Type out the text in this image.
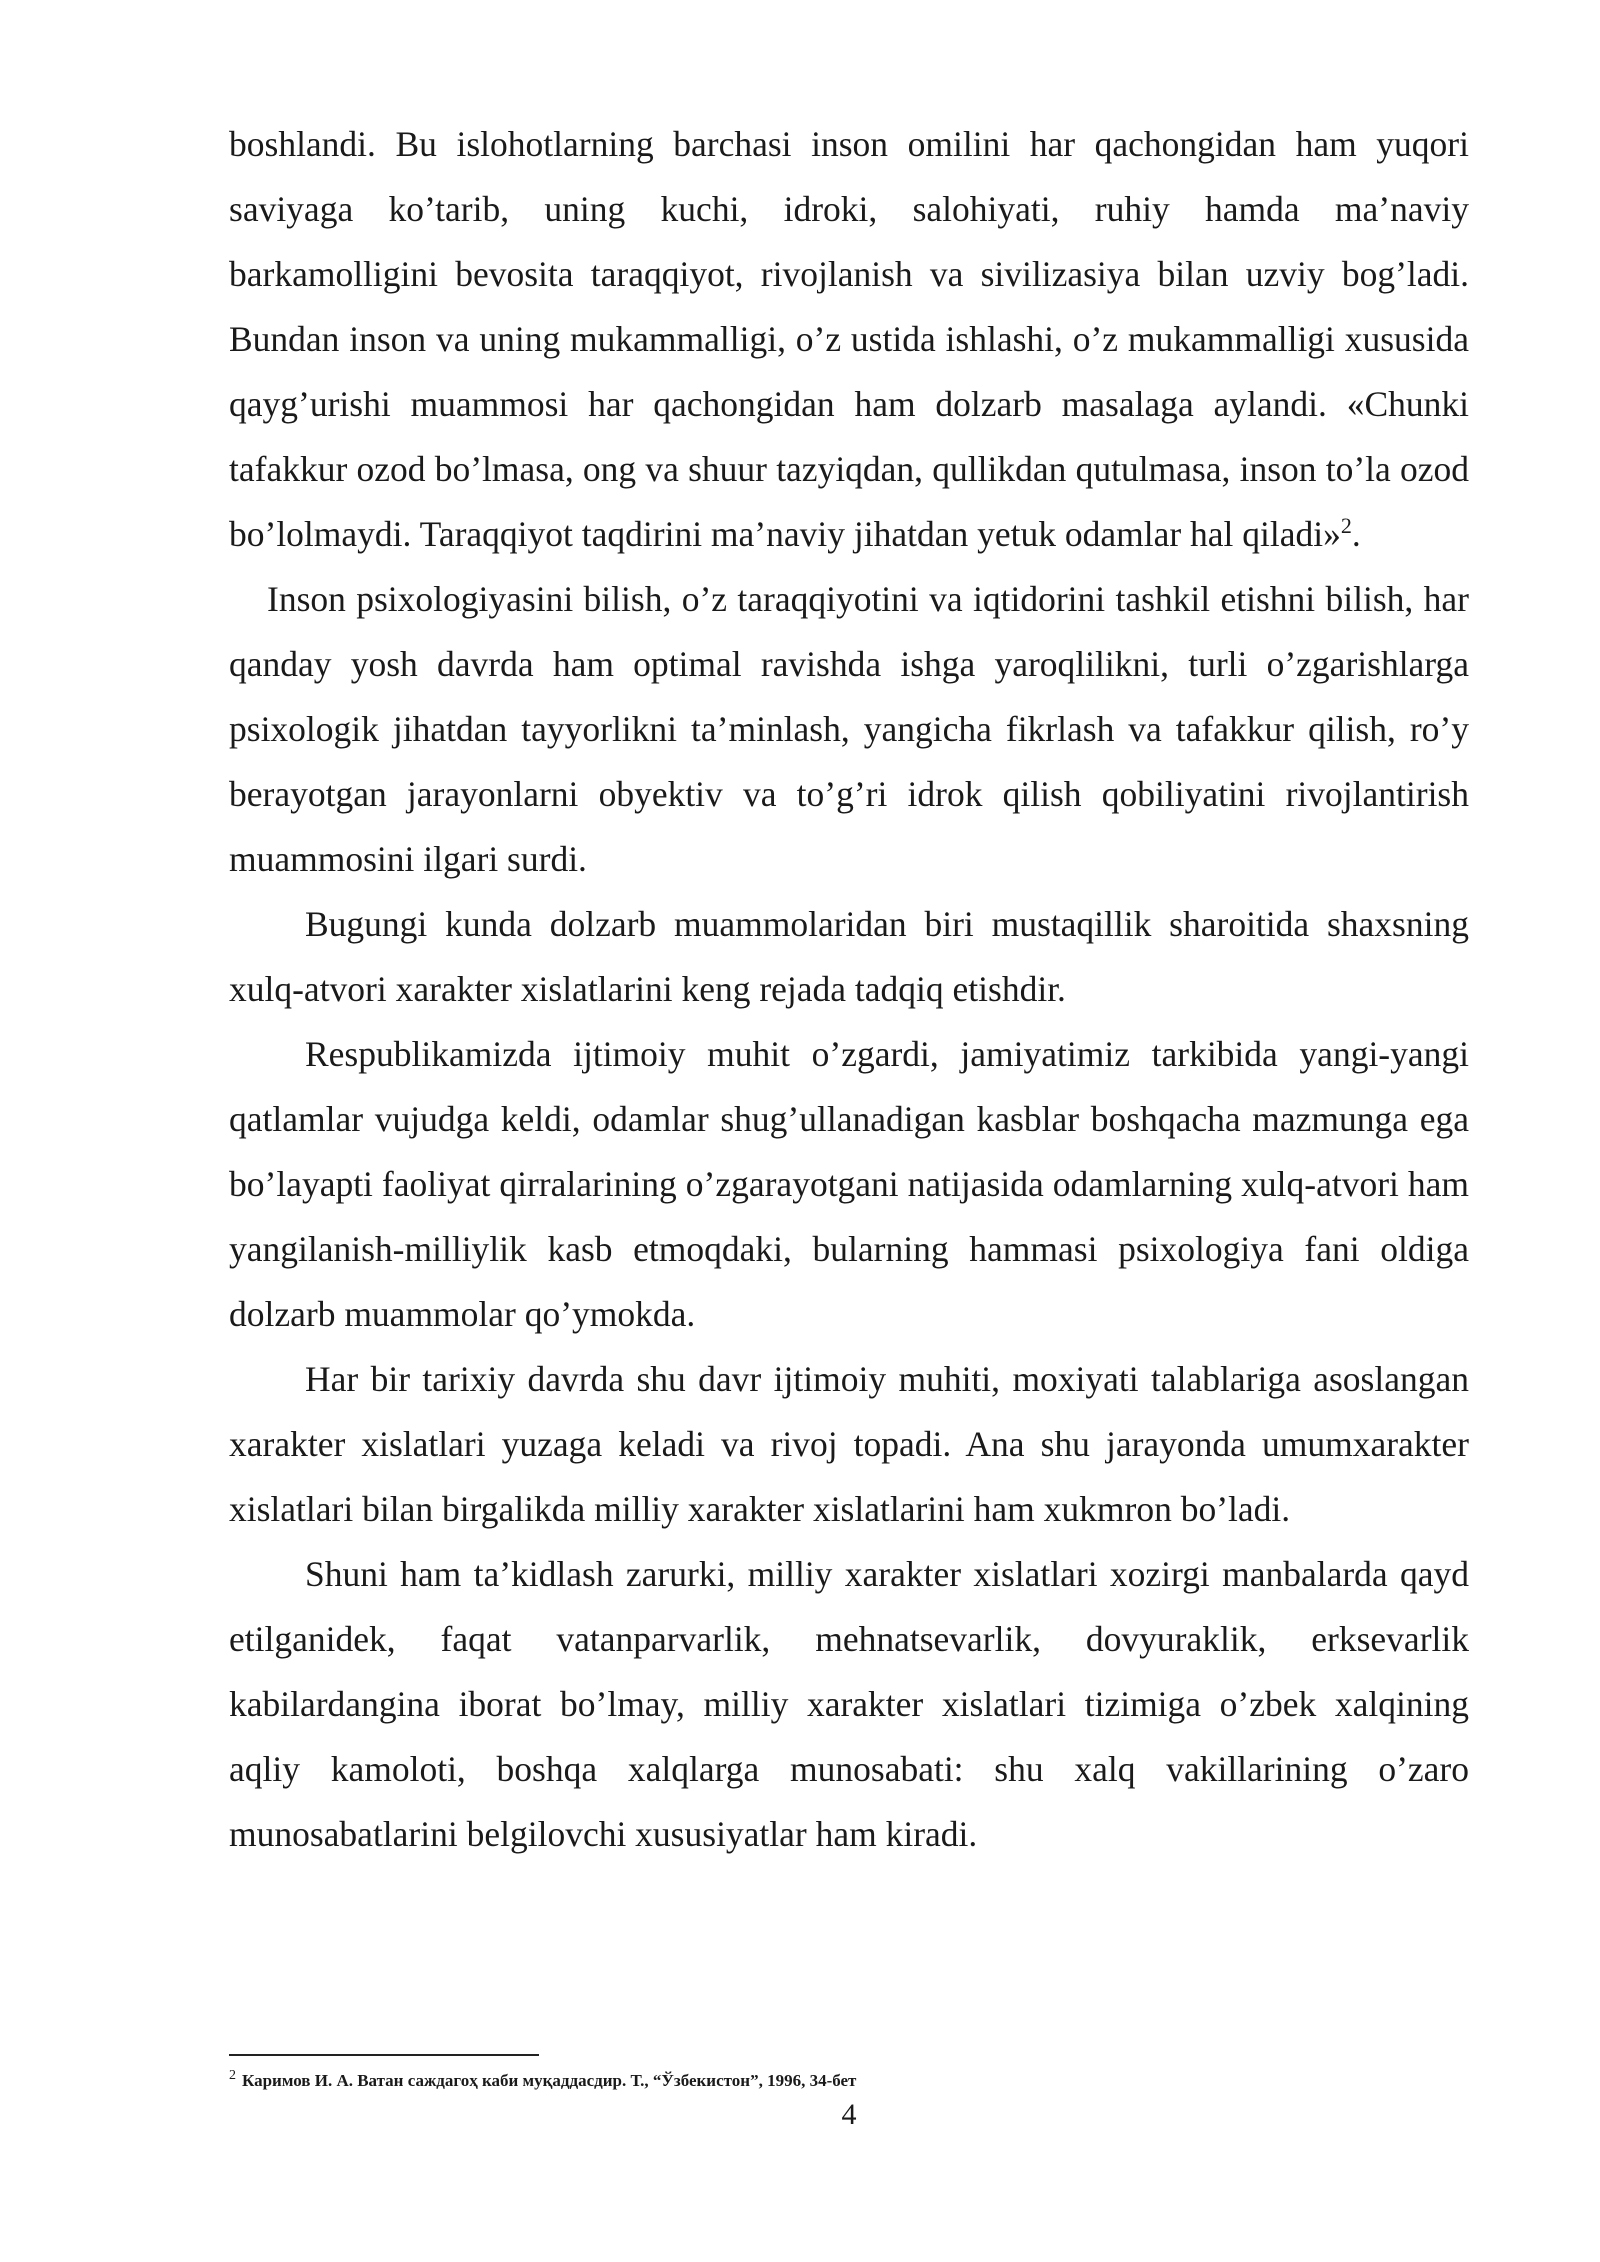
boshlandi. Bu islohotlarning barchasi inson omilini har qachongidan ham yuqori saviyaga ko’tarib, uning kuchi, idroki, salohiyati, ruhiy hamda ma’naviy barkamolligini bevosita taraqqiyot, rivojlanish va sivilizasiya bilan uzviy bog’ladi. Bundan inson va uning mukammalligi, o’z ustida ishlashi, o’z mukammalligi xususida qayg’urishi muammosi har qachongidan ham dolzarb masalaga aylandi. «Chunki tafakkur ozod bo’lmasa, ong va shuur tazyiqdan, qullikdan qutulmasa, inson to’la ozod bo’lolmaydi. Taraqqiyot taqdirini ma’naviy jihatdan yetuk odamlar hal qiladi»$^2$.

Inson psixologiyasini bilish, o’z taraqqiyotini va iqtidorini tashkil etishni bilish, har qanday yosh davrda ham optimal ravishda ishga yaroqlilikni, turli o’zgarishlarga psixologik jihatdan tayyorlikni ta’minlash, yangicha fikrlash va tafakkur qilish, ro’y berayotgan jarayonlarni obyektiv va to’g’ri idrok qilish qobiliyatini rivojlantirish muammosini ilgari surdi.

Bugungi kunda dolzarb muammolaridan biri mustaqillik sharoitida shaxsning xulq-atvori xarakter xislatlarini keng rejada tadqiq etishdir.

Respublikamizda ijtimoiy muhit o’zgardi, jamiyatimiz tarkibida yangi-yangi qatlamlar vujudga keldi, odamlar shug’ullanadigan kasblar boshqacha mazmunga ega bo’layapti faoliyat qirralarining o’zgarayotgani natijasida odamlarning xulq-atvori ham yangilanish-milliylik kasb etmoqdaki, bularning hammasi psixologiya fani oldiga dolzarb muammolar qo’ymokda.

Har bir tarixiy davrda shu davr ijtimoiy muhiti, moxiyati talablariga asoslangan xarakter xislatlari yuzaga keladi va rivoj topadi. Ana shu jarayonda umumxarakter xislatlari bilan birgalikda milliy xarakter xislatlarini ham xukmron bo’ladi.

Shuni ham ta’kidlash zarurki, milliy xarakter xislatlari xozirgi manbalarda qayd etilganidek, faqat vatanparvarlik, mehnatsevarlik, dovyuraklik, erksevarlik kabilardangina iborat bo’lmay, milliy xarakter xislatlari tizimiga o’zbek xalqining aqliy kamoloti, boshqa xalqlarga munosabati: shu xalq vakillarining o’zaro munosabatlarini belgilovchi xususiyatlar ham kiradi.

$^2$ Каримов И. А. Ватан саждагоҳ каби муқаддасдир. Т., “Ўзбекистон”, 1996, 34-бет
4
